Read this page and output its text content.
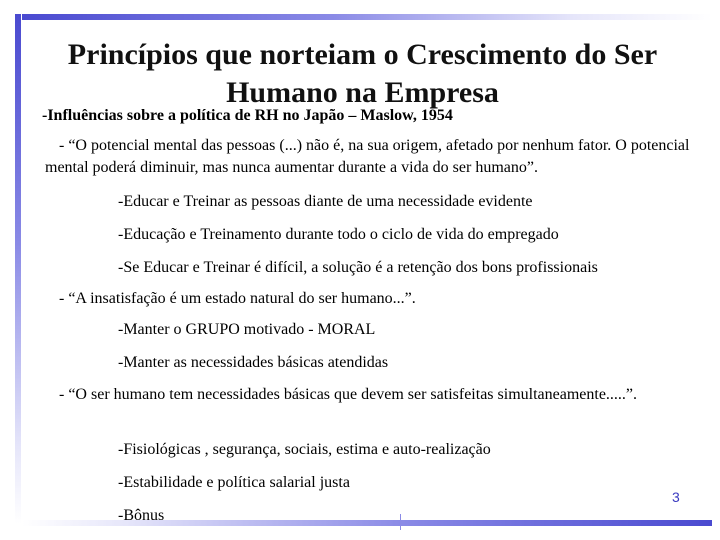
Princípios que norteiam o Crescimento do Ser Humano na Empresa
-Influências sobre a política de RH no Japão – Maslow, 1954
- “O potencial mental das pessoas (...) não é, na sua origem, afetado por nenhum fator. O potencial mental poderá diminuir, mas nunca aumentar durante a vida do ser humano”.
-Educar e Treinar as pessoas diante de uma necessidade evidente
-Educação e Treinamento durante todo o ciclo de vida do empregado
-Se Educar e Treinar é difícil, a solução é a retenção dos bons profissionais
- “A insatisfação é um estado natural do ser humano...”.
-Manter o GRUPO motivado - MORAL
-Manter as necessidades básicas atendidas
- “O ser humano tem necessidades básicas que devem ser satisfeitas simultaneamente.....”.
-Fisiológicas , segurança, sociais, estima e auto-realização
-Estabilidade e política salarial justa
-Bônus
3
